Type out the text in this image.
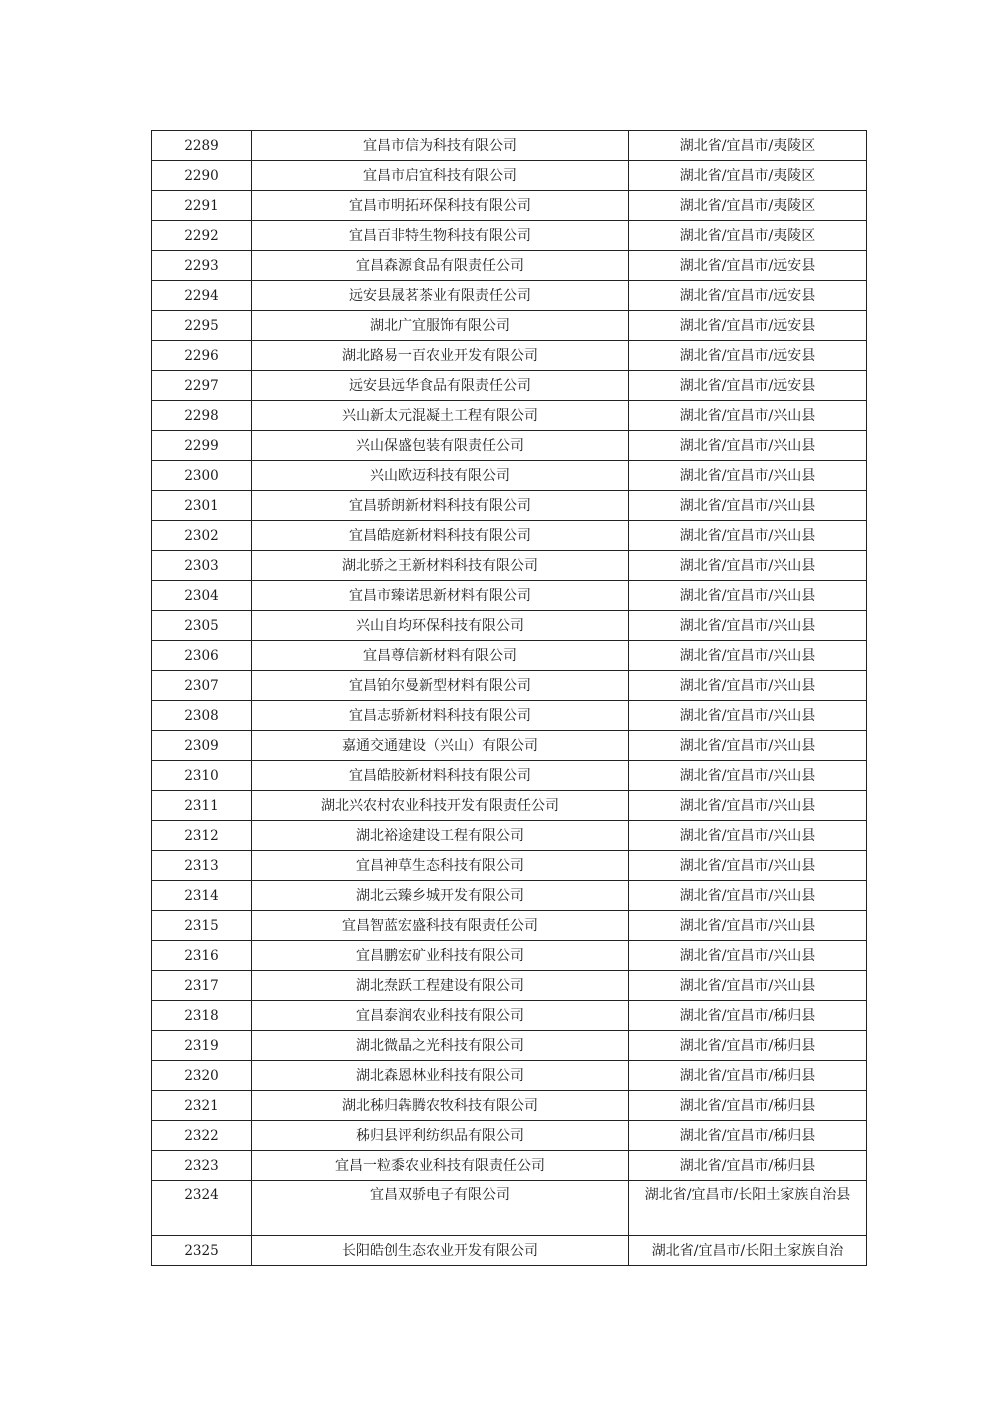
2289	宜昌市信为科技有限公司	湖北省/宜昌市/夷陵区
2290	宜昌市启宜科技有限公司	湖北省/宜昌市/夷陵区
2291	宜昌市明拓环保科技有限公司	湖北省/宜昌市/夷陵区
2292	宜昌百非特生物科技有限公司	湖北省/宜昌市/夷陵区
2293	宜昌森源食品有限责任公司	湖北省/宜昌市/远安县
2294	远安县晟茗茶业有限责任公司	湖北省/宜昌市/远安县
2295	湖北广宜服饰有限公司	湖北省/宜昌市/远安县
2296	湖北路易一百农业开发有限公司	湖北省/宜昌市/远安县
2297	远安县远华食品有限责任公司	湖北省/宜昌市/远安县
2298	兴山新太元混凝土工程有限公司	湖北省/宜昌市/兴山县
2299	兴山保盛包装有限责任公司	湖北省/宜昌市/兴山县
2300	兴山欧迈科技有限公司	湖北省/宜昌市/兴山县
2301	宜昌骄朗新材料科技有限公司	湖北省/宜昌市/兴山县
2302	宜昌皓庭新材料科技有限公司	湖北省/宜昌市/兴山县
2303	湖北骄之王新材料科技有限公司	湖北省/宜昌市/兴山县
2304	宜昌市臻诺思新材料有限公司	湖北省/宜昌市/兴山县
2305	兴山自均环保科技有限公司	湖北省/宜昌市/兴山县
2306	宜昌尊信新材料有限公司	湖北省/宜昌市/兴山县
2307	宜昌铂尔曼新型材料有限公司	湖北省/宜昌市/兴山县
2308	宜昌志骄新材料科技有限公司	湖北省/宜昌市/兴山县
2309	嘉通交通建设（兴山）有限公司	湖北省/宜昌市/兴山县
2310	宜昌皓胶新材料科技有限公司	湖北省/宜昌市/兴山县
2311	湖北兴农村农业科技开发有限责任公司	湖北省/宜昌市/兴山县
2312	湖北裕途建设工程有限公司	湖北省/宜昌市/兴山县
2313	宜昌神草生态科技有限公司	湖北省/宜昌市/兴山县
2314	湖北云臻乡城开发有限公司	湖北省/宜昌市/兴山县
2315	宜昌智蓝宏盛科技有限责任公司	湖北省/宜昌市/兴山县
2316	宜昌鹏宏矿业科技有限公司	湖北省/宜昌市/兴山县
2317	湖北焘跃工程建设有限公司	湖北省/宜昌市/兴山县
2318	宜昌泰润农业科技有限公司	湖北省/宜昌市/秭归县
2319	湖北微晶之光科技有限公司	湖北省/宜昌市/秭归县
2320	湖北森恩林业科技有限公司	湖北省/宜昌市/秭归县
2321	湖北秭归犇腾农牧科技有限公司	湖北省/宜昌市/秭归县
2322	秭归县评利纺织品有限公司	湖北省/宜昌市/秭归县
2323	宜昌一粒黍农业科技有限责任公司	湖北省/宜昌市/秭归县
2324	宜昌双骄电子有限公司	湖北省/宜昌市/长阳土家族自治县
2325	长阳皓创生态农业开发有限公司	湖北省/宜昌市/长阳土家族自治
